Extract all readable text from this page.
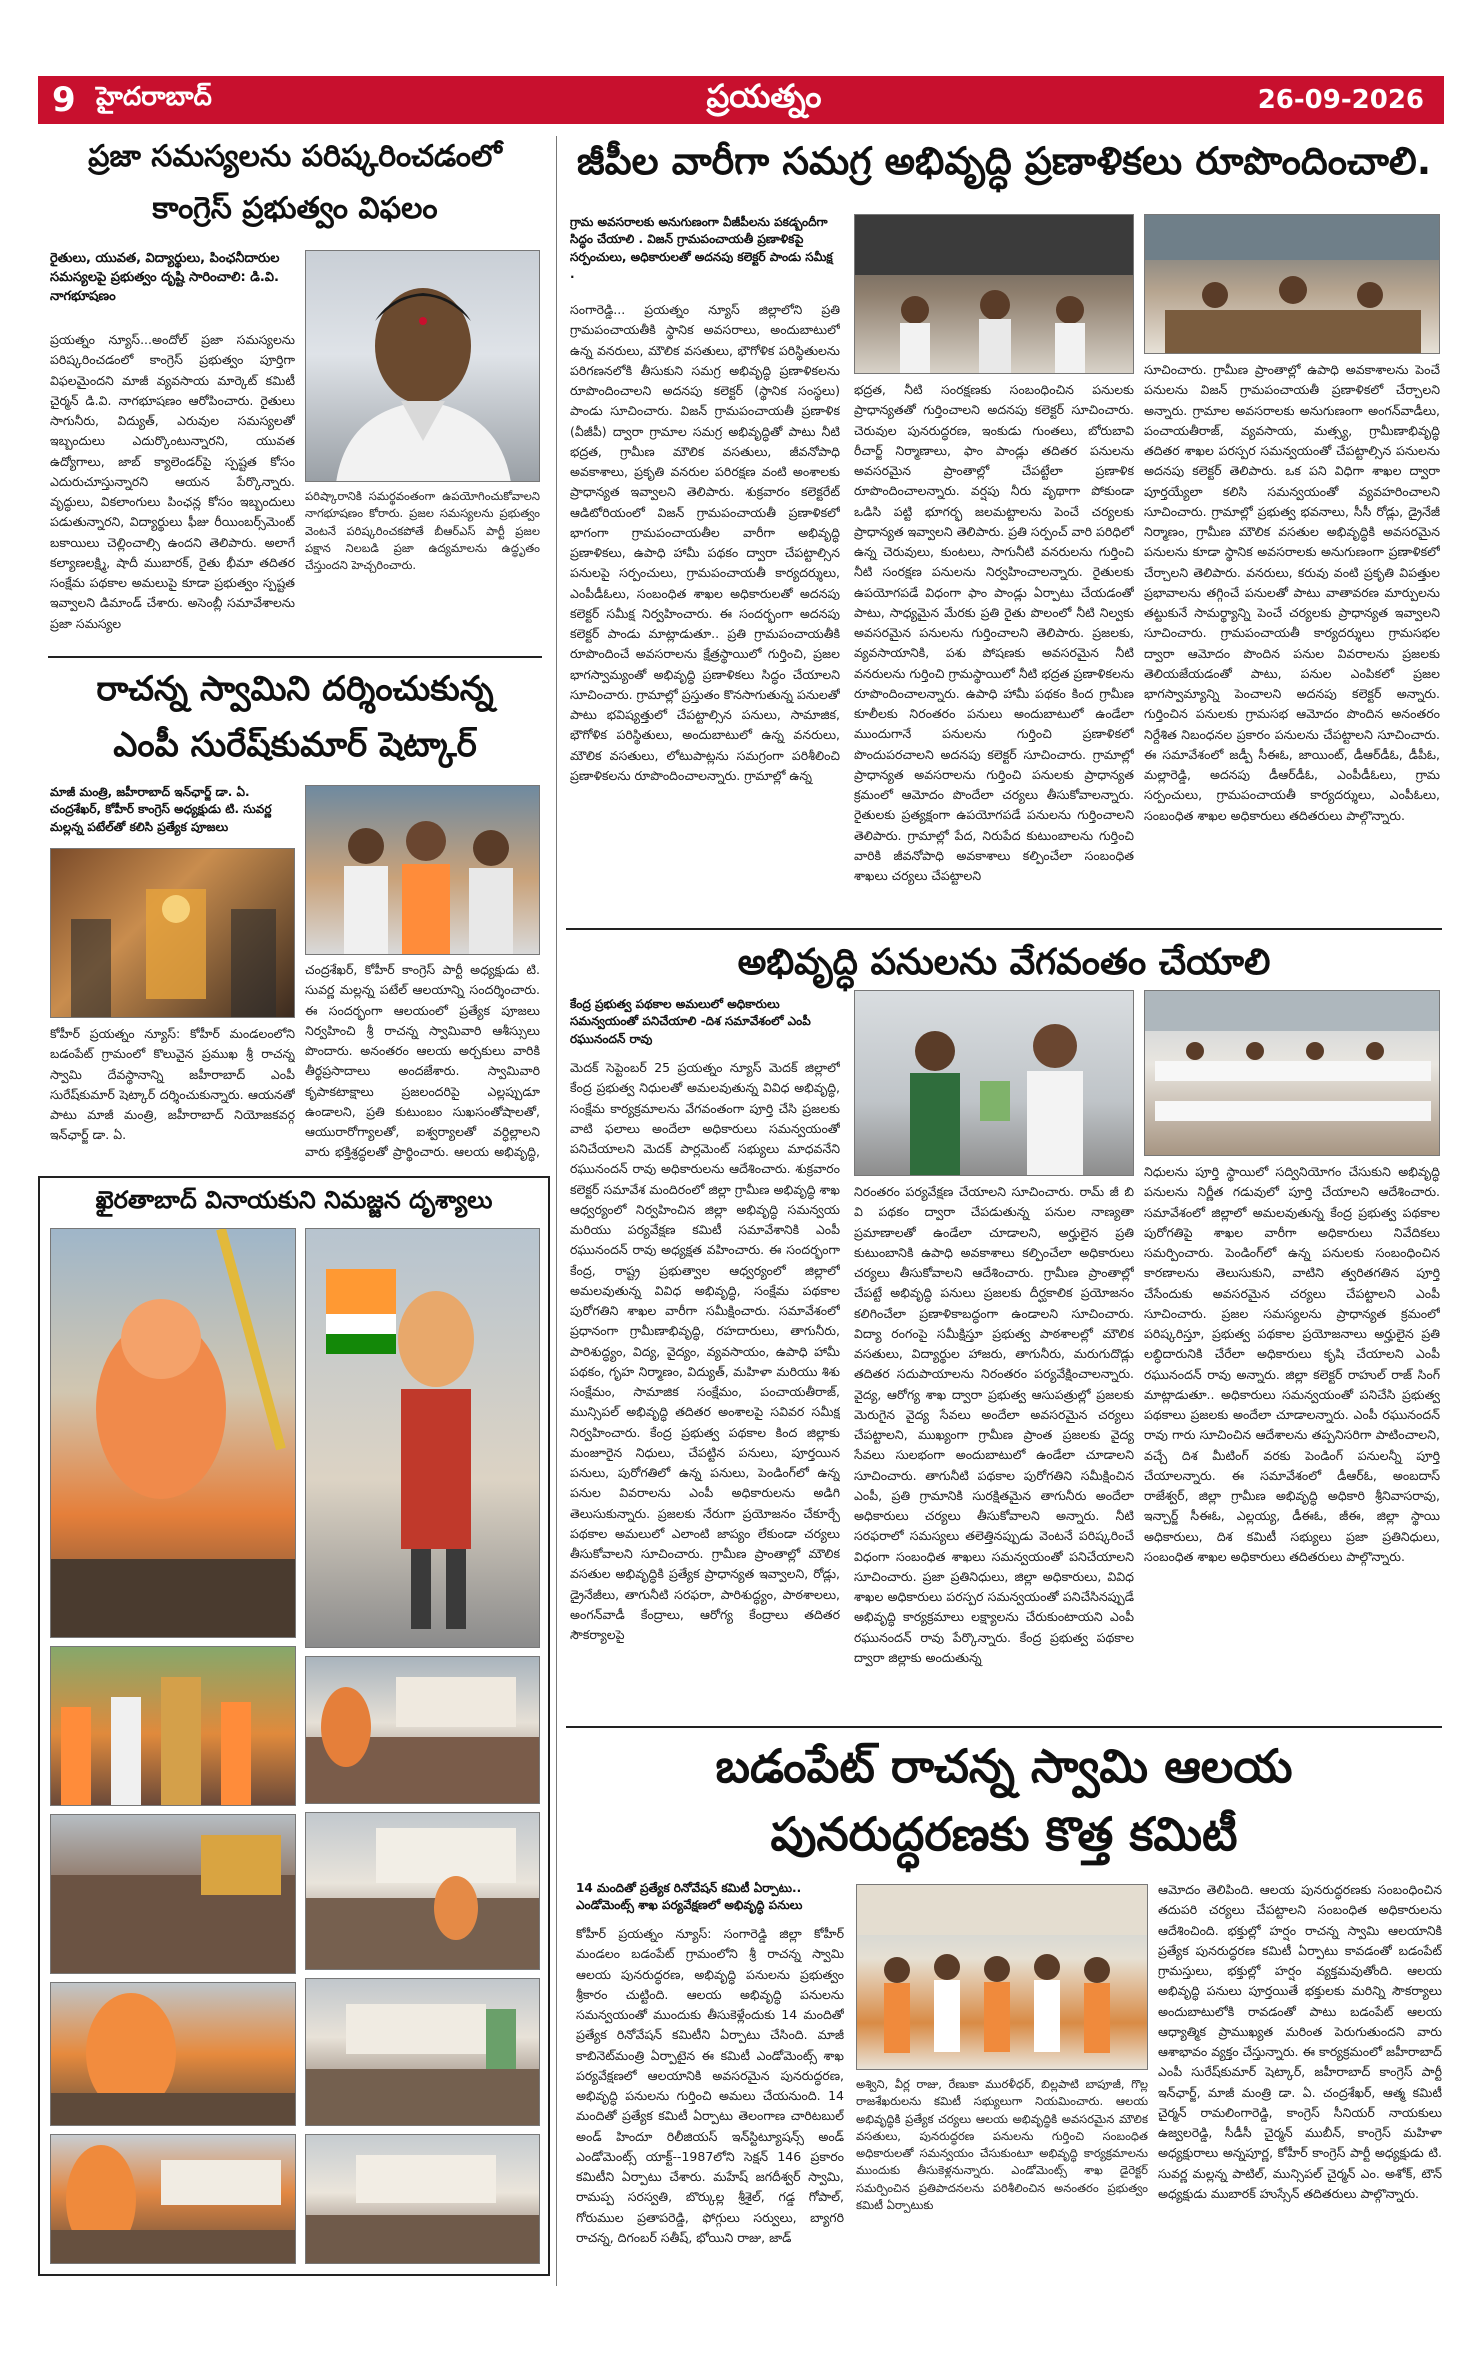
9 హైదరాబాద్	ప్రయత్నం	26-09-2026
ప్రజా సమస్యలను పరిష్కరించడంలో
కాంగ్రెస్ ప్రభుత్వం విఫలం
రైతులు, యువత, విద్యార్థులు, పింఛనీదారుల సమస్యలపై ప్రభుత్వం దృష్టి సారించాలి: డి.వి. నాగభూషణం
ప్రయత్నం న్యూస్...అందోల్ ప్రజా సమస్యలను పరిష్కరించడంలో కాంగ్రెస్ ప్రభుత్వం పూర్తిగా విఫలమైందని మాజీ వ్యవసాయ మార్కెట్ కమిటీ చైర్మన్ డి.వి. నాగభూషణం ఆరోపించారు. రైతులు సాగునీరు, విద్యుత్, ఎరువుల సమస్యలతో ఇబ్బందులు ఎదుర్కొంటున్నారని, యువత ఉద్యోగాలు, జాబ్ క్యాలెండర్‌పై స్పష్టత కోసం ఎదురుచూస్తున్నారని ఆయన పేర్కొన్నారు. వృద్ధులు, వికలాంగులు పింఛన్ల కోసం ఇబ్బందులు పడుతున్నారని, విద్యార్థులు ఫీజు రీయింబర్స్‌మెంట్ బకాయిలు చెల్లించాల్సి ఉందని తెలిపారు. అలాగే కల్యాణలక్ష్మి, షాదీ ముబారక్, రైతు భీమా తదితర సంక్షేమ పథకాల అమలుపై కూడా ప్రభుత్వం స్పష్టత ఇవ్వాలని డిమాండ్ చేశారు. అసెంబ్లీ సమావేశాలను ప్రజా సమస్యల
పరిష్కారానికి సమర్థవంతంగా ఉపయోగించుకోవాలని నాగభూషణం కోరారు. ప్రజల సమస్యలను ప్రభుత్వం వెంటనే పరిష్కరించకపోతే బీఆర్ఎస్ పార్టీ ప్రజల పక్షాన నిలబడి ప్రజా ఉద్యమాలను ఉద్ధృతం చేస్తుందని హెచ్చరించారు.
రాచన్న స్వామిని దర్శించుకున్న
ఎంపీ సురేష్‌కుమార్ షెట్కార్
మాజీ మంత్రి, జహీరాబాద్ ఇన్‌ఛార్జ్ డా. ఏ. చంద్రశేఖర్, కోహీర్ కాంగ్రెస్ అధ్యక్షుడు టి. సువర్ణ మల్లన్న పటేల్‌తో కలిసి ప్రత్యేక పూజలు
కోహీర్ ప్రయత్నం న్యూస్: కోహీర్ మండలంలోని బడంపేట్ గ్రామంలో కొలువైన ప్రముఖ శ్రీ రాచన్న స్వామి దేవస్థానాన్ని జహీరాబాద్ ఎంపీ సురేష్‌కుమార్ షెట్కార్ దర్శించుకున్నారు. ఆయనతో పాటు మాజీ మంత్రి, జహీరాబాద్ నియోజకవర్గ ఇన్‌ఛార్జ్ డా. ఏ.
చంద్రశేఖర్, కోహీర్ కాంగ్రెస్ పార్టీ అధ్యక్షుడు టి. సువర్ణ మల్లన్న పటేల్ ఆలయాన్ని సందర్శించారు. ఈ సందర్భంగా ఆలయంలో ప్రత్యేక పూజలు నిర్వహించి శ్రీ రాచన్న స్వామివారి ఆశీస్సులు పొందారు. అనంతరం ఆలయ అర్చకులు వారికి తీర్థప్రసాదాలు అందజేశారు. స్వామివారి కృపాకటాక్షాలు ప్రజలందరిపై ఎల్లప్పుడూ ఉండాలని, ప్రతి కుటుంబం సుఖసంతోషాలతో, ఆయురారోగ్యాలతో, ఐశ్వర్యాలతో వర్ధిల్లాలని వారు భక్తిశ్రద్ధలతో ప్రార్థించారు. ఆలయ అభివృద్ధి,
ఖైరతాబాద్ వినాయకుని నిమజ్జన దృశ్యాలు
జీపీల వారీగా సమగ్ర అభివృద్ధి ప్రణాళికలు రూపొందించాలి.
గ్రామ అవసరాలకు అనుగుణంగా వీజీపీలను పకడ్బందీగా సిద్ధం చేయాలి . విజన్ గ్రామపంచాయతీ ప్రణాళికపై సర్పంచులు, అధికారులతో అదనపు కలెక్టర్ పాండు సమీక్ష .
సంగారెడ్డి... ప్రయత్నం న్యూస్ జిల్లాలోని ప్రతి గ్రామపంచాయతీకి స్థానిక అవసరాలు, అందుబాటులో ఉన్న వనరులు, మౌలిక వసతులు, భౌగోళిక పరిస్థితులను పరిగణనలోకి తీసుకుని సమగ్ర అభివృద్ధి ప్రణాళికలను రూపొందించాలని అదనపు కలెక్టర్ (స్థానిక సంస్థలు) పాండు సూచించారు. విజన్ గ్రామపంచాయతీ ప్రణాళిక (వీజీపీ) ద్వారా గ్రామాల సమగ్ర అభివృద్ధితో పాటు నీటి భద్రత, గ్రామీణ మౌలిక వసతులు, జీవనోపాధి అవకాశాలు, ప్రకృతి వనరుల పరిరక్షణ వంటి అంశాలకు ప్రాధాన్యత ఇవ్వాలని తెలిపారు. శుక్రవారం కలెక్టరేట్ ఆడిటోరియంలో విజన్ గ్రామపంచాయతీ ప్రణాళికలో భాగంగా గ్రామపంచాయతీల వారీగా అభివృద్ధి ప్రణాళికలు, ఉపాధి హామీ పథకం ద్వారా చేపట్టాల్సిన పనులపై సర్పంచులు, గ్రామపంచాయతీ కార్యదర్శులు, ఎంపీడీఓలు, సంబంధిత శాఖల అధికారులతో అదనపు కలెక్టర్ సమీక్ష నిర్వహించారు. ఈ సందర్భంగా అదనపు కలెక్టర్ పాండు మాట్లాడుతూ.. ప్రతి గ్రామపంచాయతీకి రూపొందించే అవసరాలను క్షేత్రస్థాయిలో గుర్తించి, ప్రజల భాగస్వామ్యంతో అభివృద్ధి ప్రణాళికలు సిద్ధం చేయాలని సూచించారు. గ్రామాల్లో ప్రస్తుతం కొనసాగుతున్న పనులతో పాటు భవిష్యత్తులో చేపట్టాల్సిన పనులు, సామాజిక, భౌగోళిక పరిస్థితులు, అందుబాటులో ఉన్న వనరులు, మౌలిక వసతులు, లోటుపాట్లను సమగ్రంగా పరిశీలించి ప్రణాళికలను రూపొందించాలన్నారు. గ్రామాల్లో ఉన్న
భద్రత, నీటి సంరక్షణకు సంబంధించిన పనులకు ప్రాధాన్యతతో గుర్తించాలని అదనపు కలెక్టర్ సూచించారు. చెరువుల పునరుద్ధరణ, ఇంకుడు గుంతలు, బోరుబావి రీచార్జ్ నిర్మాణాలు, ఫాం పాండ్లు తదితర పనులను అవసరమైన ప్రాంతాల్లో చేపట్టేలా ప్రణాళిక రూపొందించాలన్నారు. వర్షపు నీరు వృథాగా పోకుండా ఒడిసి పట్టి భూగర్భ జలమట్టాలను పెంచే చర్యలకు ప్రాధాన్యత ఇవ్వాలని తెలిపారు. ప్రతి సర్పంచ్ వారి పరిధిలో ఉన్న చెరువులు, కుంటలు, సాగునీటి వనరులను గుర్తించి నీటి సంరక్షణ పనులను నిర్వహించాలన్నారు. రైతులకు ఉపయోగపడే విధంగా ఫాం పాండ్లు ఏర్పాటు చేయడంతో పాటు, సాధ్యమైన మేరకు ప్రతి రైతు పొలంలో నీటి నిల్వకు అవసరమైన పనులను గుర్తించాలని తెలిపారు. ప్రజలకు, వ్యవసాయానికి, పశు పోషణకు అవసరమైన నీటి వనరులను గుర్తించి గ్రామస్థాయిలో నీటి భద్రత ప్రణాళికలను రూపొందించాలన్నారు. ఉపాధి హామీ పథకం కింద గ్రామీణ కూలీలకు నిరంతరం పనులు అందుబాటులో ఉండేలా ముందుగానే పనులను గుర్తించి ప్రణాళికలో పొందుపరచాలని అదనపు కలెక్టర్ సూచించారు. గ్రామాల్లో ప్రాధాన్యత అవసరాలను గుర్తించి పనులకు ప్రాధాన్యత క్రమంలో ఆమోదం పొందేలా చర్యలు తీసుకోవాలన్నారు. రైతులకు ప్రత్యక్షంగా ఉపయోగపడే పనులను గుర్తించాలని తెలిపారు. గ్రామాల్లో పేద, నిరుపేద కుటుంబాలను గుర్తించి వారికి జీవనోపాధి అవకాశాలు కల్పించేలా సంబంధిత శాఖలు చర్యలు చేపట్టాలని
సూచించారు. గ్రామీణ ప్రాంతాల్లో ఉపాధి అవకాశాలను పెంచే పనులను విజన్ గ్రామపంచాయతీ ప్రణాళికలో చేర్చాలని అన్నారు. గ్రామాల అవసరాలకు అనుగుణంగా అంగన్‌వాడీలు, పంచాయతీరాజ్, వ్యవసాయ, మత్స్య, గ్రామీణాభివృద్ధి తదితర శాఖల పరస్పర సమన్వయంతో చేపట్టాల్సిన పనులను అదనపు కలెక్టర్ తెలిపారు. ఒక పని విధిగా శాఖల ద్వారా పూర్తయ్యేలా కలిసి సమన్వయంతో వ్యవహరించాలని సూచించారు. గ్రామాల్లో ప్రభుత్వ భవనాలు, సీసీ రోడ్లు, డ్రైనేజీ నిర్మాణం, గ్రామీణ మౌలిక వసతుల అభివృద్ధికి అవసరమైన పనులను కూడా స్థానిక అవసరాలకు అనుగుణంగా ప్రణాళికలో చేర్చాలని తెలిపారు. వనరులు, కరువు వంటి ప్రకృతి విపత్తుల ప్రభావాలను తగ్గించే పనులతో పాటు వాతావరణ మార్పులను తట్టుకునే సామర్థ్యాన్ని పెంచే చర్యలకు ప్రాధాన్యత ఇవ్వాలని సూచించారు. గ్రామపంచాయతీ కార్యదర్శులు గ్రామసభల ద్వారా ఆమోదం పొందిన పనుల వివరాలను ప్రజలకు తెలియజేయడంతో పాటు, పనుల ఎంపికలో ప్రజల భాగస్వామ్యాన్ని పెంచాలని అదనపు కలెక్టర్ అన్నారు. గుర్తించిన పనులకు గ్రామసభ ఆమోదం పొందిన అనంతరం నిర్దేశిత నిబంధనల ప్రకారం పనులను చేపట్టాలని సూచించారు. ఈ సమావేశంలో జడ్పీ సీఈఓ, జాయింట్, డీఆర్‌డీఓ, డీపీఓ, మల్లారెడ్డి, అదనపు డీఆర్‌డీఓ, ఎంపీడీఓలు, గ్రామ సర్పంచులు, గ్రామపంచాయతీ కార్యదర్శులు, ఎంపీఓలు, సంబంధిత శాఖల అధికారులు తదితరులు పాల్గొన్నారు.
అభివృద్ధి పనులను వేగవంతం చేయాలి
కేంద్ర ప్రభుత్వ పథకాల అమలులో అధికారులు సమన్వయంతో పనిచేయాలి -దిశ సమావేశంలో ఎంపీ రఘునందన్ రావు
మెదక్ సెప్టెంబర్ 25 ప్రయత్నం న్యూస్ మెదక్ జిల్లాలో కేంద్ర ప్రభుత్వ నిధులతో అమలవుతున్న వివిధ అభివృద్ధి, సంక్షేమ కార్యక్రమాలను వేగవంతంగా పూర్తి చేసి ప్రజలకు వాటి ఫలాలు అందేలా అధికారులు సమన్వయంతో పనిచేయాలని మెదక్ పార్లమెంట్ సభ్యులు మాధవనేని రఘునందన్ రావు అధికారులను ఆదేశించారు. శుక్రవారం కలెక్టర్ సమావేశ మందిరంలో జిల్లా గ్రామీణ అభివృద్ధి శాఖ ఆధ్వర్యంలో నిర్వహించిన జిల్లా అభివృద్ధి సమన్వయ మరియు పర్యవేక్షణ కమిటీ సమావేశానికి ఎంపీ రఘునందన్ రావు అధ్యక్షత వహించారు. ఈ సందర్భంగా కేంద్ర, రాష్ట్ర ప్రభుత్వాల ఆధ్వర్యంలో జిల్లాలో అమలవుతున్న వివిధ అభివృద్ధి, సంక్షేమ పథకాల పురోగతిని శాఖల వారీగా సమీక్షించారు. సమావేశంలో ప్రధానంగా గ్రామీణాభివృద్ధి, రహదారులు, తాగునీరు, పారిశుద్ధ్యం, విద్య, వైద్యం, వ్యవసాయం, ఉపాధి హామీ పథకం, గృహ నిర్మాణం, విద్యుత్, మహిళా మరియు శిశు సంక్షేమం, సామాజిక సంక్షేమం, పంచాయతీరాజ్, మున్సిపల్ అభివృద్ధి తదితర అంశాలపై సవివర సమీక్ష నిర్వహించారు. కేంద్ర ప్రభుత్వ పథకాల కింద జిల్లాకు మంజూరైన నిధులు, చేపట్టిన పనులు, పూర్తయిన పనులు, పురోగతిలో ఉన్న పనులు, పెండింగ్‌లో ఉన్న పనుల వివరాలను ఎంపీ అధికారులను అడిగి తెలుసుకున్నారు. ప్రజలకు నేరుగా ప్రయోజనం చేకూర్చే పథకాల అమలులో ఎలాంటి జాప్యం లేకుండా చర్యలు తీసుకోవాలని సూచించారు. గ్రామీణ ప్రాంతాల్లో మౌలిక వసతుల అభివృద్ధికి ప్రత్యేక ప్రాధాన్యత ఇవ్వాలని, రోడ్లు, డ్రైనేజీలు, తాగునీటి సరఫరా, పారిశుద్ధ్యం, పాఠశాలలు, అంగన్‌వాడీ కేంద్రాలు, ఆరోగ్య కేంద్రాలు తదితర సౌకర్యాలపై
నిరంతరం పర్యవేక్షణ చేయాలని సూచించారు. రామ్ జీ బి వి పథకం ద్వారా చేపడుతున్న పనుల నాణ్యతా ప్రమాణాలతో ఉండేలా చూడాలని, అర్హులైన ప్రతి కుటుంబానికి ఉపాధి అవకాశాలు కల్పించేలా అధికారులు చర్యలు తీసుకోవాలని ఆదేశించారు. గ్రామీణ ప్రాంతాల్లో చేపట్టే అభివృద్ధి పనులు ప్రజలకు దీర్ఘకాలిక ప్రయోజనం కలిగించేలా ప్రణాళికాబద్ధంగా ఉండాలని సూచించారు. విద్యా రంగంపై సమీక్షిస్తూ ప్రభుత్వ పాఠశాలల్లో మౌలిక వసతులు, విద్యార్థుల హాజరు, తాగునీరు, మరుగుదొడ్లు తదితర సదుపాయాలను నిరంతరం పర్యవేక్షించాలన్నారు. వైద్య, ఆరోగ్య శాఖ ద్వారా ప్రభుత్వ ఆసుపత్రుల్లో ప్రజలకు మెరుగైన వైద్య సేవలు అందేలా అవసరమైన చర్యలు చేపట్టాలని, ముఖ్యంగా గ్రామీణ ప్రాంత ప్రజలకు వైద్య సేవలు సులభంగా అందుబాటులో ఉండేలా చూడాలని సూచించారు. తాగునీటి పథకాల పురోగతిని సమీక్షించిన ఎంపీ, ప్రతి గ్రామానికి సురక్షితమైన తాగునీరు అందేలా అధికారులు చర్యలు తీసుకోవాలని అన్నారు. నీటి సరఫరాలో సమస్యలు తలెత్తినప్పుడు వెంటనే పరిష్కరించే విధంగా సంబంధిత శాఖలు సమన్వయంతో పనిచేయాలని సూచించారు. ప్రజా ప్రతినిధులు, జిల్లా అధికారులు, వివిధ శాఖల అధికారులు పరస్పర సమన్వయంతో పనిచేసినప్పుడే అభివృద్ధి కార్యక్రమాలు లక్ష్యాలను చేరుకుంటాయని ఎంపీ రఘునందన్ రావు పేర్కొన్నారు. కేంద్ర ప్రభుత్వ పథకాల ద్వారా జిల్లాకు అందుతున్న
నిధులను పూర్తి స్థాయిలో సద్వినియోగం చేసుకుని అభివృద్ధి పనులను నిర్ణీత గడువులో పూర్తి చేయాలని ఆదేశించారు. సమావేశంలో జిల్లాలో అమలవుతున్న కేంద్ర ప్రభుత్వ పథకాల పురోగతిపై శాఖల వారీగా అధికారులు నివేదికలు సమర్పించారు. పెండింగ్‌లో ఉన్న పనులకు సంబంధించిన కారణాలను తెలుసుకుని, వాటిని త్వరితగతిన పూర్తి చేసేందుకు అవసరమైన చర్యలు చేపట్టాలని ఎంపీ సూచించారు. ప్రజల సమస్యలను ప్రాధాన్యత క్రమంలో పరిష్కరిస్తూ, ప్రభుత్వ పథకాల ప్రయోజనాలు అర్హులైన ప్రతి లబ్ధిదారునికి చేరేలా అధికారులు కృషి చేయాలని ఎంపీ రఘునందన్ రావు అన్నారు. జిల్లా కలెక్టర్ రాహుల్ రాజ్ సింగ్ మాట్లాడుతూ.. అధికారులు సమన్వయంతో పనిచేసి ప్రభుత్వ పథకాలు ప్రజలకు అందేలా చూడాలన్నారు. ఎంపీ రఘునందన్ రావు గారు సూచించిన ఆదేశాలను తప్పనిసరిగా పాటించాలని, వచ్చే దిశ మీటింగ్ వరకు పెండింగ్ పనులన్నీ పూర్తి చేయాలన్నారు. ఈ సమావేశంలో డీఆర్‌ఓ, అంబదాస్ రాజేశ్వర్, జిల్లా గ్రామీణ అభివృద్ధి అధికారి శ్రీనివాసరావు, ఇన్చార్జ్ సీఈఓ, ఎల్లయ్య, డీఈఓ, జీఈ, జిల్లా స్థాయి అధికారులు, దిశ కమిటీ సభ్యులు ప్రజా ప్రతినిధులు, సంబంధిత శాఖల అధికారులు తదితరులు పాల్గొన్నారు.
బడంపేట్ రాచన్న స్వామి ఆలయ
పునరుద్ధరణకు కొత్త కమిటీ
14 మందితో ప్రత్యేక రినోవేషన్ కమిటీ ఏర్పాటు.. ఎండోమెంట్స్ శాఖ పర్యవేక్షణలో అభివృద్ధి పనులు
కోహీర్ ప్రయత్నం న్యూస్: సంగారెడ్డి జిల్లా కోహీర్ మండలం బడంపేట్ గ్రామంలోని శ్రీ రాచన్న స్వామి ఆలయ పునరుద్ధరణ, అభివృద్ధి పనులను ప్రభుత్వం శ్రీకారం చుట్టింది. ఆలయ అభివృద్ధి పనులను సమన్వయంతో ముందుకు తీసుకెళ్లేందుకు 14 మందితో ప్రత్యేక రినోవేషన్ కమిటీని ఏర్పాటు చేసింది. మాజీ కాబినెట్‌మంత్రి ఏర్పాటైన ఈ కమిటీ ఎండోమెంట్స్ శాఖ పర్యవేక్షణలో ఆలయానికి అవసరమైన పునరుద్ధరణ, అభివృద్ధి పనులను గుర్తించి అమలు చేయనుంది. 14 మందితో ప్రత్యేక కమిటీ ఏర్పాటు తెలంగాణ చారిటబుల్ అండ్ హిందూ రిలీజియస్ ఇన్‌స్టిట్యూషన్స్ అండ్ ఎండోమెంట్స్ యాక్ట్--1987లోని సెక్షన్ 146 ప్రకారం కమిటీని ఏర్పాటు చేశారు. మహేష్ జగదీశ్వర్ స్వామి, రామప్ప సరస్వతి, బొర్కుల్ల శ్రీశైల్, గడ్డ గోపాల్, గోరుముల ప్రతాపరెడ్డి, ఫోగ్గులు సర్వులు, బ్యాగరి రాచన్న, దిగంబర్ సతీష్, భోయిని రాజు, జాడ్
అశ్విని, వీర్ల రాజు, రేణుకా మురళీధర్, బిల్లపాటి బాపూజీ, గొల్ల రాజశేఖరులను కమిటీ సభ్యులుగా నియమించారు. ఆలయ అభివృద్ధికి ప్రత్యేక చర్యలు ఆలయ అభివృద్ధికి అవసరమైన మౌలిక వసతులు, పునరుద్ధరణ పనులను గుర్తించి సంబంధిత అధికారులతో సమన్వయం చేసుకుంటూ అభివృద్ధి కార్యక్రమాలను ముందుకు తీసుకెళ్లనున్నారు. ఎండోమెంట్స్ శాఖ డైరెక్టర్ సమర్పించిన ప్రతిపాదనలను పరిశీలించిన అనంతరం ప్రభుత్వం కమిటీ ఏర్పాటుకు
ఆమోదం తెలిపింది. ఆలయ పునరుద్ధరణకు సంబంధించిన తదుపరి చర్యలు చేపట్టాలని సంబంధిత అధికారులను ఆదేశించింది. భక్తుల్లో హర్షం రాచన్న స్వామి ఆలయానికి ప్రత్యేక పునరుద్ధరణ కమిటీ ఏర్పాటు కావడంతో బడంపేట్ గ్రామస్తులు, భక్తుల్లో హర్షం వ్యక్తమవుతోంది. ఆలయ అభివృద్ధి పనులు పూర్తయితే భక్తులకు మరిన్ని సౌకర్యాలు అందుబాటులోకి రావడంతో పాటు బడంపేట్ ఆలయ ఆధ్యాత్మిక ప్రాముఖ్యత మరింత పెరుగుతుందని వారు ఆశాభావం వ్యక్తం చేస్తున్నారు. ఈ కార్యక్రమంలో జహీరాబాద్ ఎంపీ సురేష్‌కుమార్ షెట్కార్, జహీరాబాద్ కాంగ్రెస్ పార్టీ ఇన్‌ఛార్జ్, మాజీ మంత్రి డా. ఏ. చంద్రశేఖర్, ఆత్మ కమిటీ చైర్మన్ రామలింగారెడ్డి, కాంగ్రెస్ సీనియర్ నాయకులు ఉజ్వలరెడ్డి, సీడీసీ చైర్మన్ ముబీన్, కాంగ్రెస్ మహిళా అధ్యక్షురాలు అన్నపూర్ణ, కోహీర్ కాంగ్రెస్ పార్టీ అధ్యక్షుడు టి. సువర్ణ మల్లన్న పాటిల్, మున్సిపల్ చైర్మన్ ఎం. అశోక్, టౌన్ అధ్యక్షుడు ముబారక్ హుస్సేన్ తదితరులు పాల్గొన్నారు.
